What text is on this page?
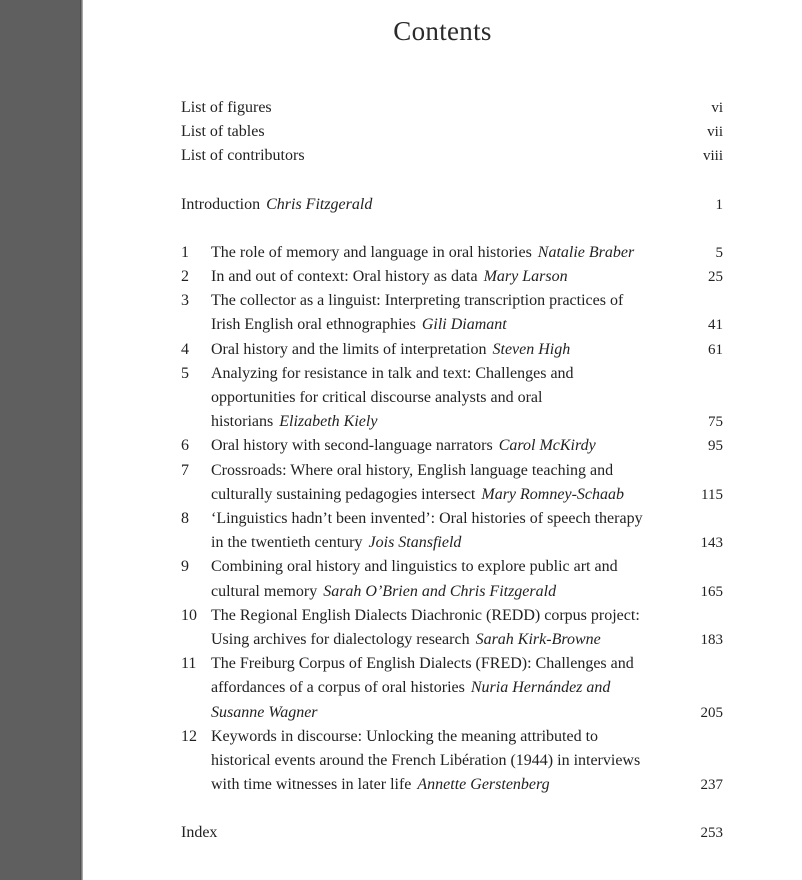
Contents
List of figures	vi
List of tables	vii
List of contributors	viii
Introduction Chris Fitzgerald	1
1	The role of memory and language in oral histories Natalie Braber	5
2	In and out of context: Oral history as data Mary Larson	25
3	The collector as a linguist: Interpreting transcription practices of
Irish English oral ethnographies Gili Diamant	41
4	Oral history and the limits of interpretation Steven High	61
5	Analyzing for resistance in talk and text: Challenges and
opportunities for critical discourse analysts and oral
historians Elizabeth Kiely	75
6	Oral history with second-language narrators Carol McKirdy	95
7	Crossroads: Where oral history, English language teaching and
culturally sustaining pedagogies intersect Mary Romney-Schaab	115
8	‘Linguistics hadn’t been invented’: Oral histories of speech therapy
in the twentieth century Jois Stansfield	143
9	Combining oral history and linguistics to explore public art and
cultural memory Sarah O’Brien and Chris Fitzgerald	165
10 The Regional English Dialects Diachronic (REDD) corpus project:
Using archives for dialectology research Sarah Kirk-Browne	183
11 The Freiburg Corpus of English Dialects (FRED): Challenges and
affordances of a corpus of oral histories Nuria Hernández and
Susanne Wagner	205
12 Keywords in discourse: Unlocking the meaning attributed to
historical events around the French Libération (1944) in interviews
with time witnesses in later life Annette Gerstenberg	237
Index	253
